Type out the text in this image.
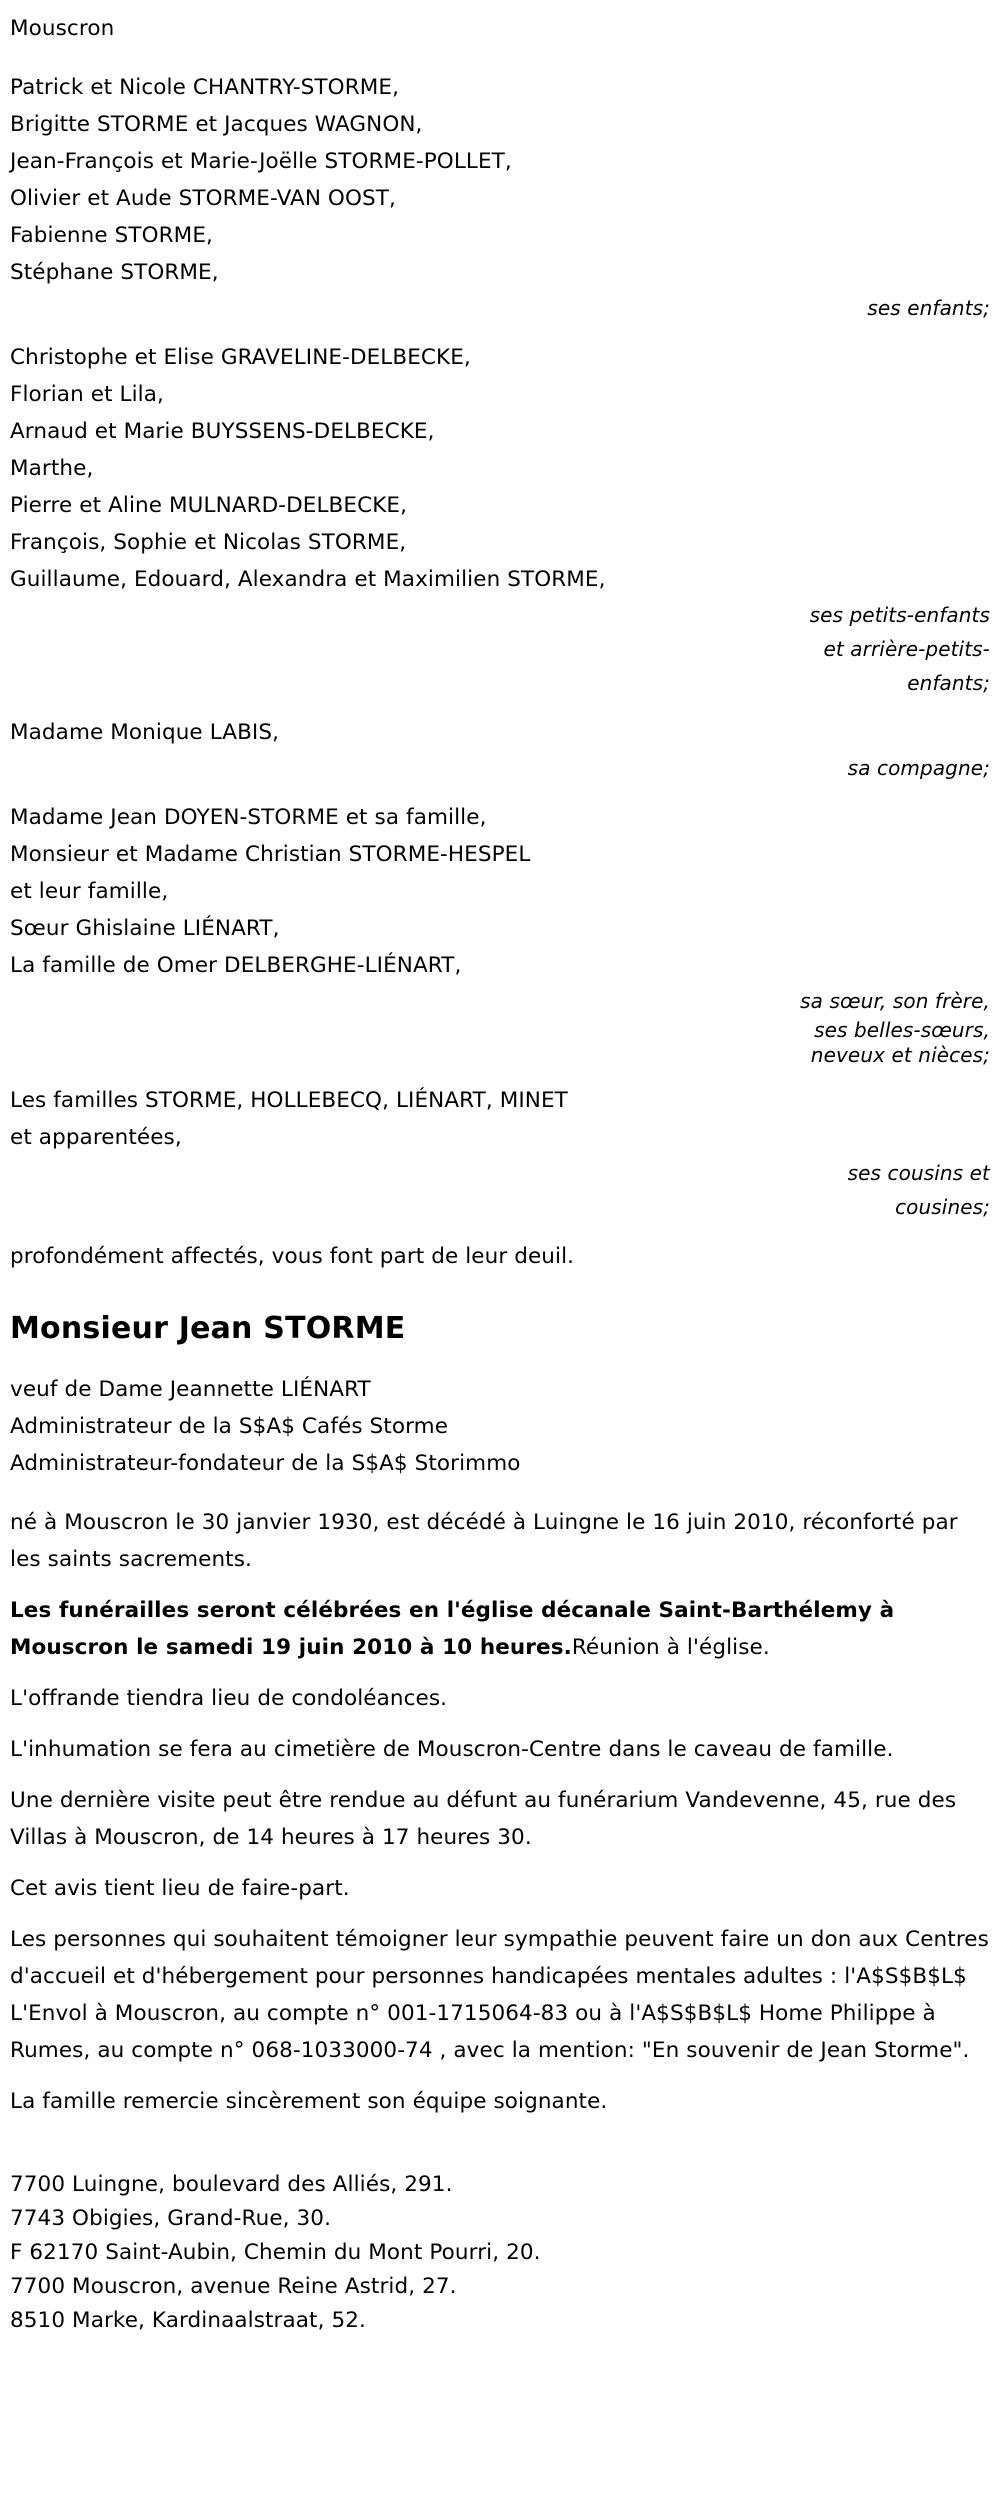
Mouscron
Patrick et Nicole CHANTRY-STORME,
Brigitte STORME et Jacques WAGNON,
Jean-François et Marie-Joëlle STORME-POLLET,
Olivier et Aude STORME-VAN OOST,
Fabienne STORME,
Stéphane STORME,
ses enfants;
Christophe et Elise GRAVELINE-DELBECKE,
Florian et Lila,
Arnaud et Marie BUYSSENS-DELBECKE,
Marthe,
Pierre et Aline MULNARD-DELBECKE,
François, Sophie et Nicolas STORME,
Guillaume, Edouard, Alexandra et Maximilien STORME,
ses petits-enfants
et arrière-petits-
enfants;
Madame Monique LABIS,
sa compagne;
Madame Jean DOYEN-STORME et sa famille,
Monsieur et Madame Christian STORME-HESPEL
et leur famille,
Sœur Ghislaine LIÉNART,
La famille de Omer DELBERGHE-LIÉNART,
sa sœur, son frère,
ses belles-sœurs,
neveux et nièces;
Les familles STORME, HOLLEBECQ, LIÉNART, MINET
et apparentées,
ses cousins et
cousines;

profondément affectés, vous font part de leur deuil.

Monsieur Jean STORME
veuf de Dame Jeannette LIÉNART
Administrateur de la S$A$ Cafés Storme
Administrateur-fondateur de la S$A$ Storimmo

né à Mouscron le 30 janvier 1930, est décédé à Luingne le 16 juin 2010, réconforté par les saints sacrements.

Les funérailles seront célébrées en l'église décanale Saint-Barthélemy à Mouscron le samedi 19 juin 2010 à 10 heures.Réunion à l'église.

L'offrande tiendra lieu de condoléances.

L'inhumation se fera au cimetière de Mouscron-Centre dans le caveau de famille.

Une dernière visite peut être rendue au défunt au funérarium Vandevenne, 45, rue des Villas à Mouscron, de 14 heures à 17 heures 30.

Cet avis tient lieu de faire-part.

Les personnes qui souhaitent témoigner leur sympathie peuvent faire un don aux Centres d'accueil et d'hébergement pour personnes handicapées mentales adultes : l'A$S$B$L$ L'Envol à Mouscron, au compte n° 001-1715064-83 ou à l'A$S$B$L$ Home Philippe à Rumes, au compte n° 068-1033000-74 , avec la mention: "En souvenir de Jean Storme".

La famille remercie sincèrement son équipe soignante.

7700 Luingne, boulevard des Alliés, 291.
7743 Obigies, Grand-Rue, 30.
F 62170 Saint-Aubin, Chemin du Mont Pourri, 20.
7700 Mouscron, avenue Reine Astrid, 27.
8510 Marke, Kardinaalstraat, 52.
